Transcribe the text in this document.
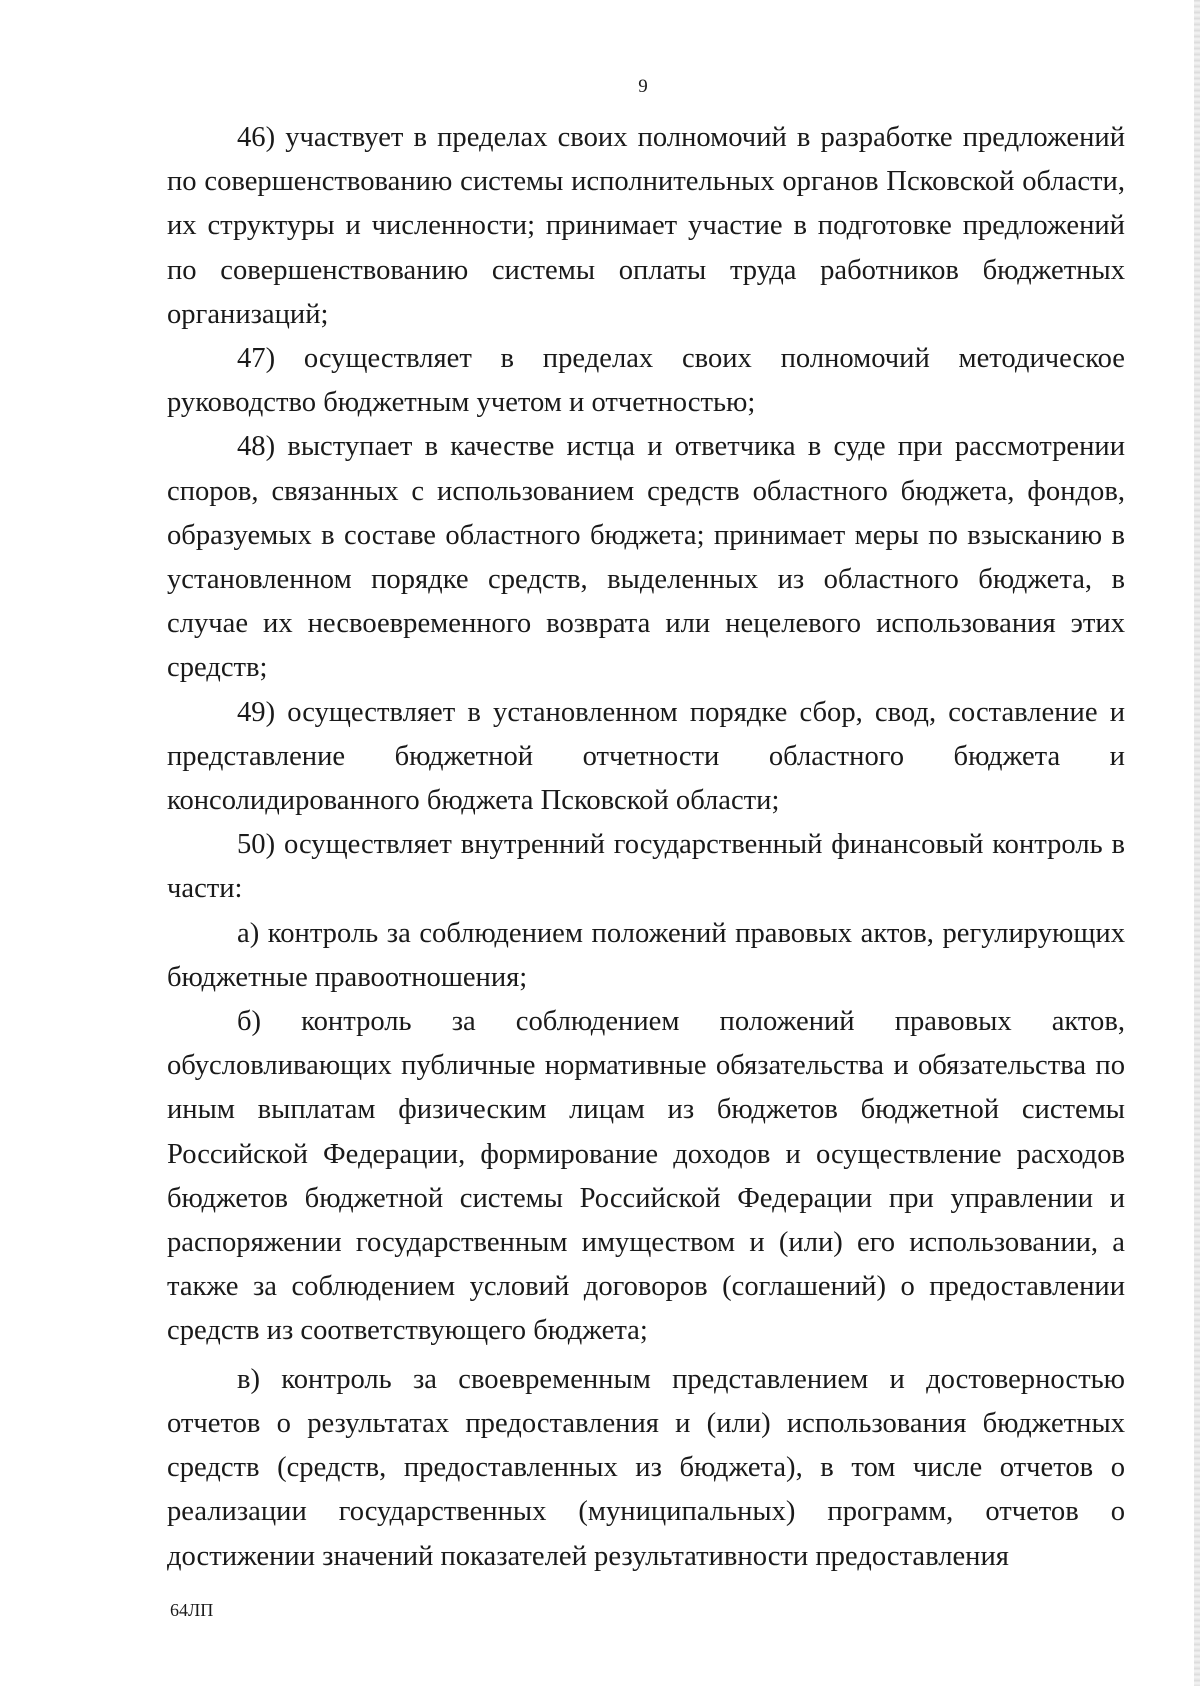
9

46) участвует в пределах своих полномочий в разработке предложений по совершенствованию системы исполнительных органов Псковской области, их структуры и численности; принимает участие в подготовке предложений по совершенствованию системы оплаты труда работников бюджетных организаций;

47) осуществляет в пределах своих полномочий методическое руководство бюджетным учетом и отчетностью;

48) выступает в качестве истца и ответчика в суде при рассмотрении споров, связанных с использованием средств областного бюджета, фондов, образуемых в составе областного бюджета; принимает меры по взысканию в установленном порядке средств, выделенных из областного бюджета, в случае их несвоевременного возврата или нецелевого использования этих средств;

49) осуществляет в установленном порядке сбор, свод, составление и представление бюджетной отчетности областного бюджета и консолидированного бюджета Псковской области;

50) осуществляет внутренний государственный финансовый контроль в части:

а) контроль за соблюдением положений правовых актов, регулирующих бюджетные правоотношения;

б) контроль за соблюдением положений правовых актов, обусловливающих публичные нормативные обязательства и обязательства по иным выплатам физическим лицам из бюджетов бюджетной системы Российской Федерации, формирование доходов и осуществление расходов бюджетов бюджетной системы Российской Федерации при управлении и распоряжении государственным имуществом и (или) его использовании, а также за соблюдением условий договоров (соглашений) о предоставлении средств из соответствующего бюджета;

в) контроль за своевременным представлением и достоверностью отчетов о результатах предоставления и (или) использования бюджетных средств (средств, предоставленных из бюджета), в том числе отчетов о реализации государственных (муниципальных) программ, отчетов о достижении значений показателей результативности предоставления

64ЛП
